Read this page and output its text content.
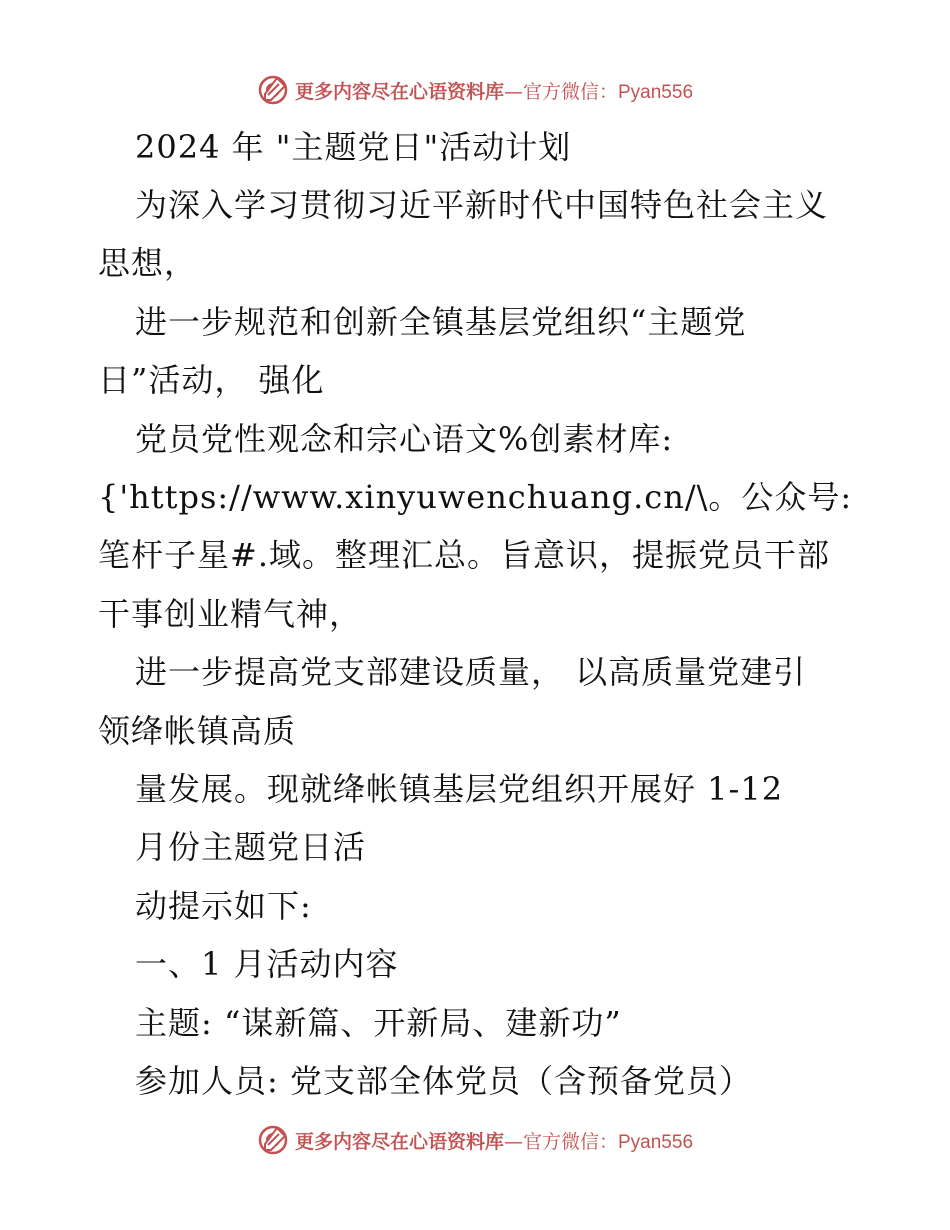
更多内容尽在心语资料库—官方微信：Pyan556
2024 年 "主题党日"活动计划
为深入学习贯彻习近平新时代中国特色社会主义
思想，
进一步规范和创新全镇基层党组织“主题党
日”活动， 强化
党员党性观念和宗心语文%创素材库:
{'https://www.xinyuwenchuang.cn/\。公众号:
笔杆子星#.域。整理汇总。旨意识，提振党员干部
干事创业精气神，
进一步提高党支部建设质量， 以高质量党建引
领绛帐镇高质
量发展。现就绛帐镇基层党组织开展好 1-12
月份主题党日活
动提示如下:
一、1 月活动内容
主题: “谋新篇、开新局、建新功”
参加人员: 党支部全体党员（含预备党员）
更多内容尽在心语资料库—官方微信：Pyan556
